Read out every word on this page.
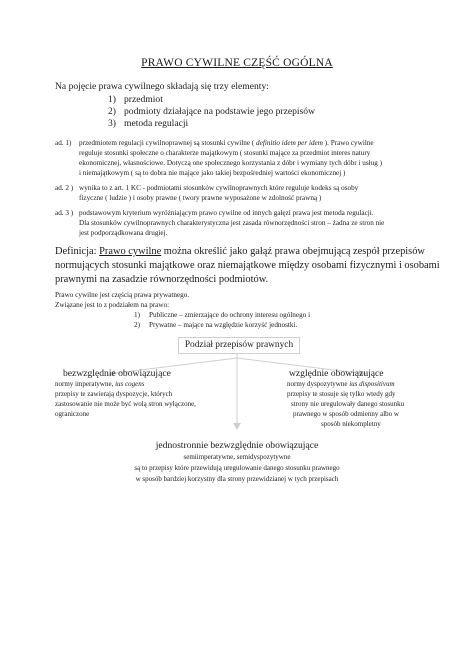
PRAWO CYWILNE CZĘŚĆ OGÓLNA
Na pojęcie prawa cywilnego składają się trzy elementy:
1) przedmiot
2) podmioty działające na podstawie jego przepisów
3) metoda regulacji
ad. 1) przedmiotem regulacji cywilnoprawnej są stosunki cywilne ( definitio idem per idem ). Prawo cywilne
reguluje stosunki społeczne o charakterze majątkowym ( stosunki mające za przedmiot interes natury
ekonomicznej, własnościowe. Dotyczą one społecznego korzystania z dóbr i wymiany tych dóbr i usług )
i niemajątkowym ( są to dobra nie mające jako takiej bezpośredniej wartości ekonomicznej )
ad. 2 ) wynika to z art. 1 KC - podmiotami stosunków cywilnoprawnych które reguluje kodeks są osoby
fizyczne ( ludzie ) i osoby prawne ( twory prawne wyposażone w zdolność prawną )
ad. 3 ) podstawowym kryterium wyróżniającym prawo cywilne od innych gałęzi prawa jest metoda regulacji.
Dla stosunków cywilnoprawnych charakterystyczna jest zasada równorzędności stron – żadna ze stron nie
jest podporządkowana drugiej.
Definicja: Prawo cywilne można określić jako gałąź prawa obejmującą zespół przepisów
normujących stosunki majątkowe oraz niemajątkowe między osobami fizycznymi i osobami
prawnymi na zasadzie równorzędności podmiotów.
Prawo cywilne jest częścią prawa prywatnego.
Związane jest to z podziałem na prawo:
1) Publiczne – zmierzające do ochrony interesu ogólnego i
2) Prywatne – mające na względzie korzyść jednostki.
Podział przepisów prawnych
bezwzględnie obowiązujące
normy imperatywne, ius cogens
przepisy te zawierają dyspozycje, których
zastosowanie nie może być wolą stron wyłączone,
ograniczone
względnie obowiązujące
normy dyspozytywne ius dispositivum
przepisy te stosuje się tylko wtedy gdy
strony nie uregulowały danego stosunku
prawnego w sposób odmienny albo w
sposób niekompletny
jednostronnie bezwzględnie obowiązujące
semiimperatywne, semidyspozytywne
są to przepisy które przewidują uregulowanie danego stosunku prawnego
w sposób bardziej korzystny dla strony przewidzianej w tych przepisach
